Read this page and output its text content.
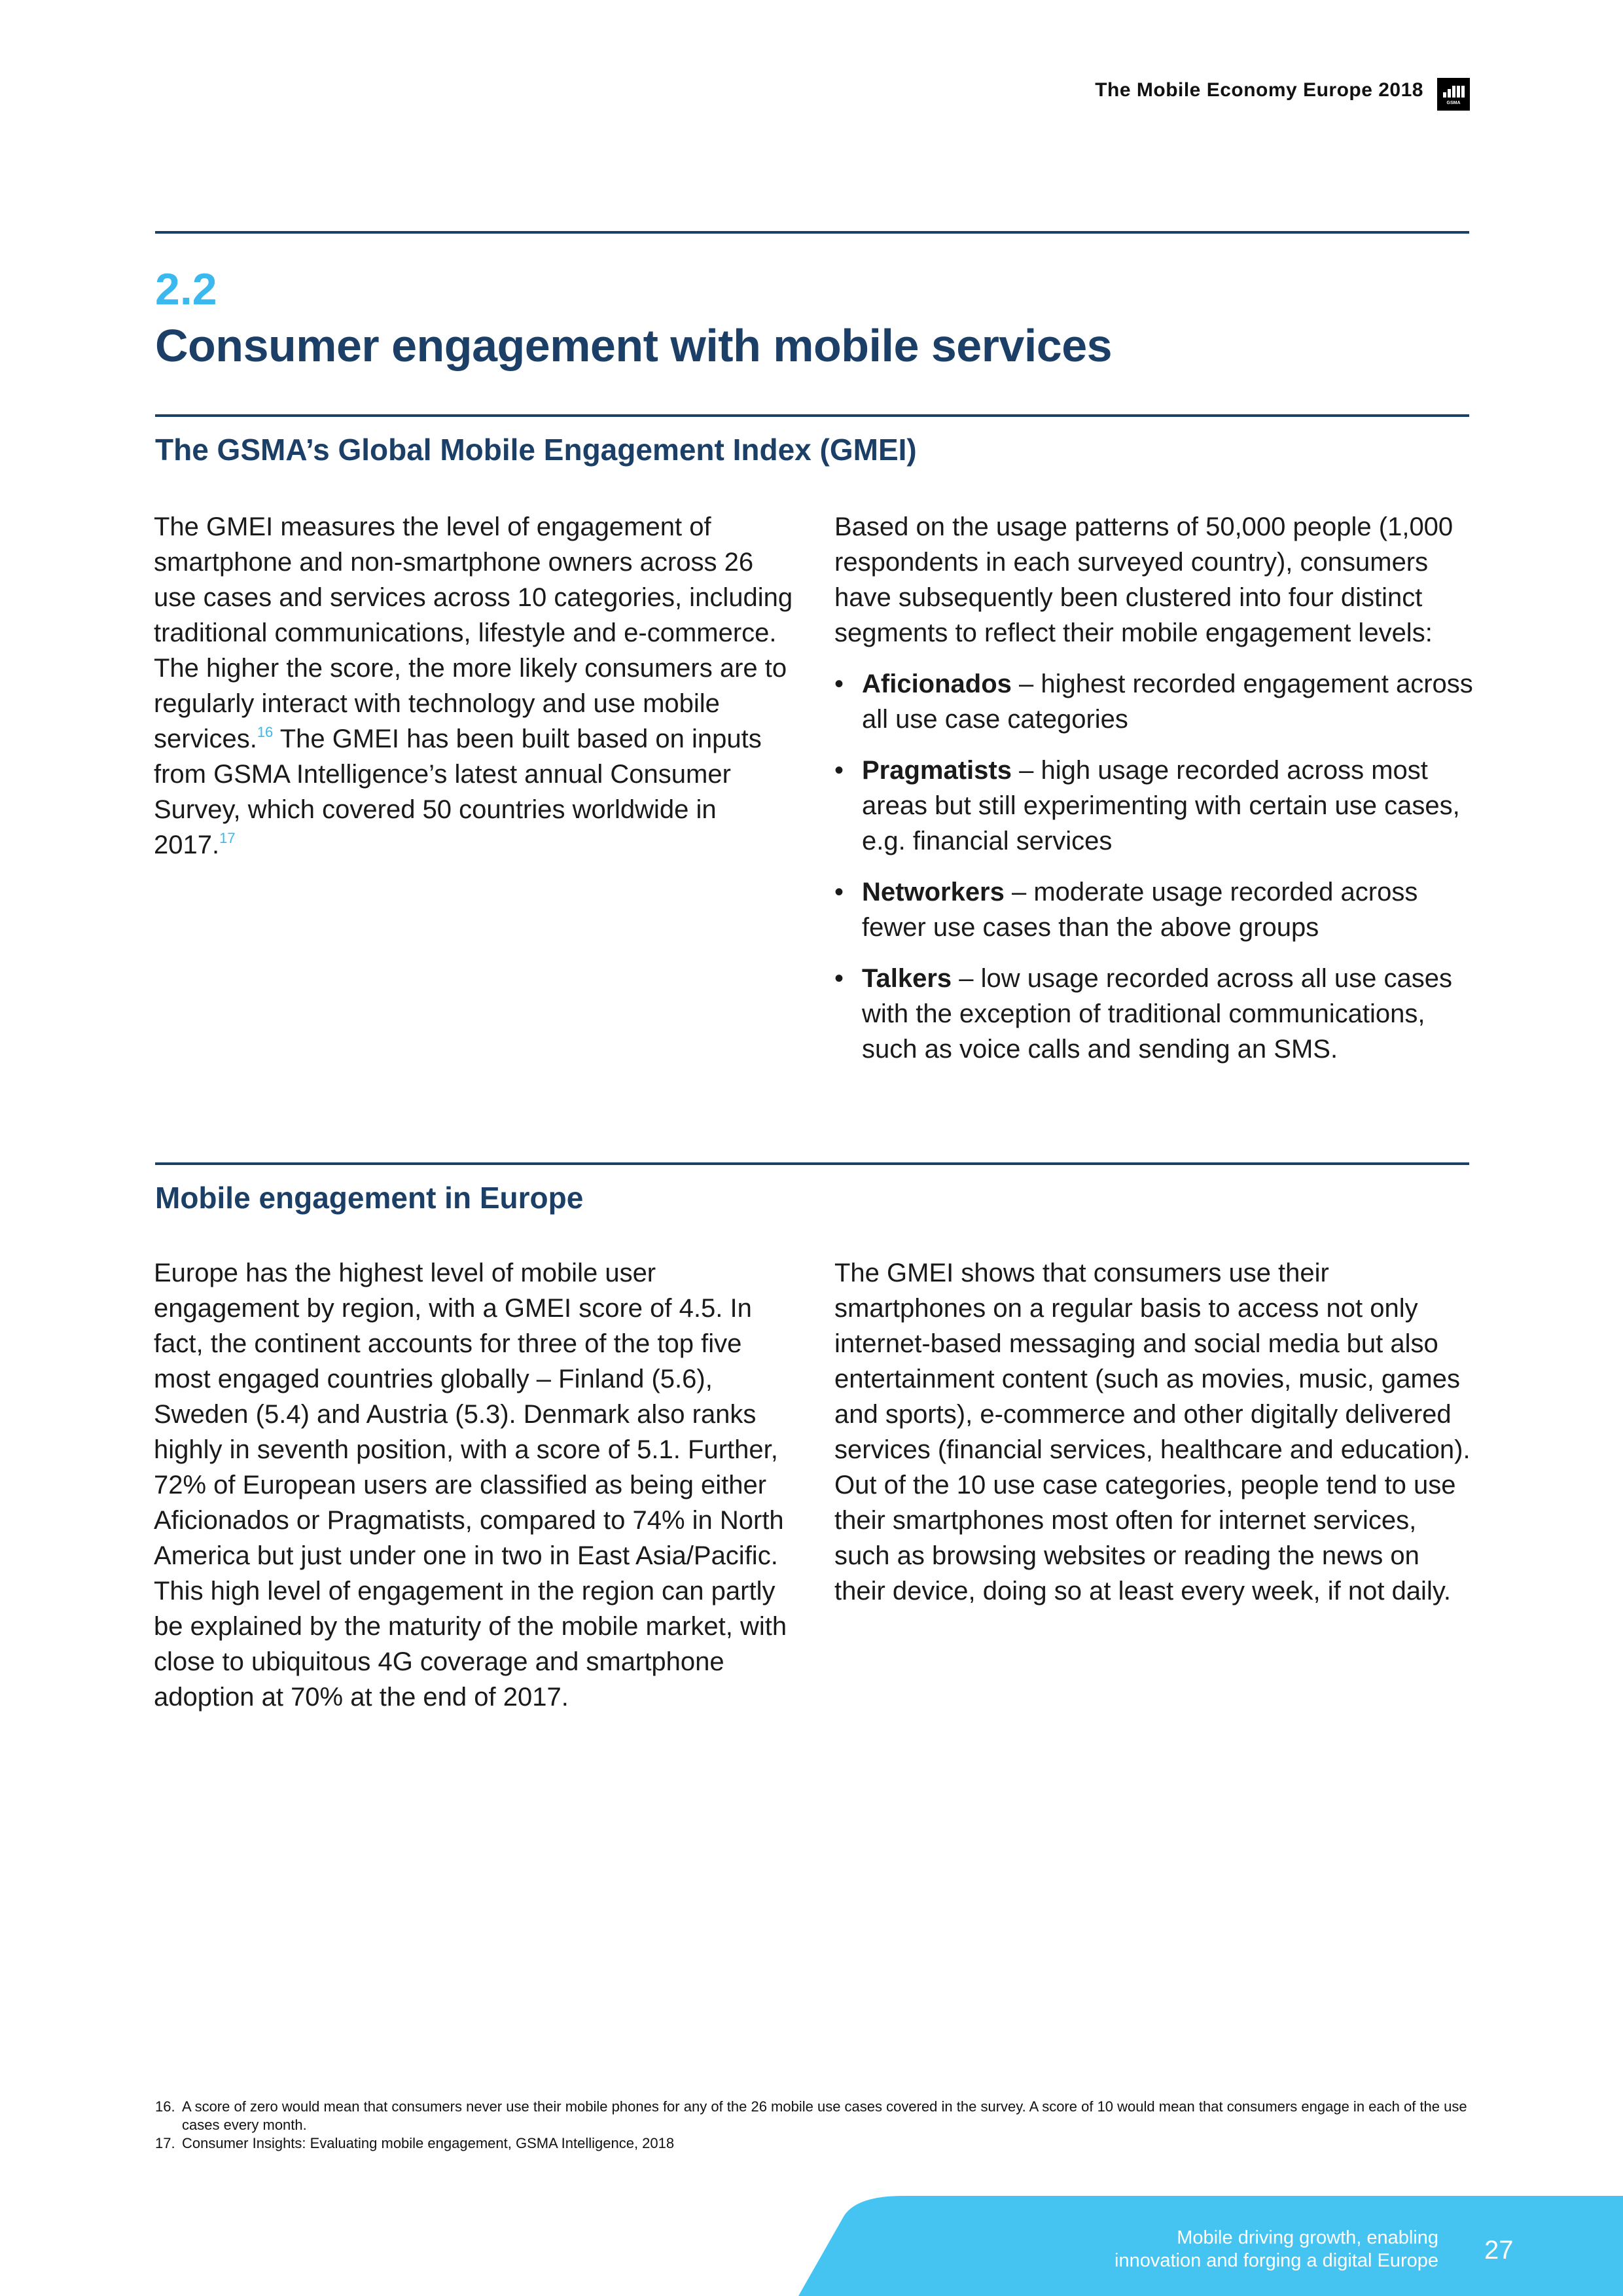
The Mobile Economy Europe 2018
GSMA
2.2
Consumer engagement with mobile services
The GSMA’s Global Mobile Engagement Index (GMEI)

The GMEI measures the level of engagement of smartphone and non-smartphone owners across 26 use cases and services across 10 categories, including traditional communications, lifestyle and e-commerce. The higher the score, the more likely consumers are to regularly interact with technology and use mobile services.$^{16}$ The GMEI has been built based on inputs from GSMA Intelligence’s latest annual Consumer Survey, which covered 50 countries worldwide in 2017.17

Based on the usage patterns of 50,000 people (1,000 respondents in each surveyed country), consumers have subsequently been clustered into four distinct segments to reflect their mobile engagement levels:

• Aficionados – highest recorded engagement across all use case categories
• Pragmatists – high usage recorded across most areas but still experimenting with certain use cases, e.g. financial services
• Networkers – moderate usage recorded across fewer use cases than the above groups
• Talkers – low usage recorded across all use cases with the exception of traditional communications, such as voice calls and sending an SMS.
Mobile engagement in Europe

Europe has the highest level of mobile user engagement by region, with a GMEI score of 4.5. In fact, the continent accounts for three of the top five most engaged countries globally – Finland (5.6), Sweden (5.4) and Austria (5.3). Denmark also ranks highly in seventh position, with a score of 5.1. Further, 72% of European users are classified as being either Aficionados or Pragmatists, compared to 74% in North America but just under one in two in East Asia/Pacific. This high level of engagement in the region can partly be explained by the maturity of the mobile market, with close to ubiquitous 4G coverage and smartphone adoption at 70% at the end of 2017.

The GMEI shows that consumers use their smartphones on a regular basis to access not only internet-based messaging and social media but also entertainment content (such as movies, music, games and sports), e-commerce and other digitally delivered services (financial services, healthcare and education). Out of the 10 use case categories, people tend to use their smartphones most often for internet services, such as browsing websites or reading the news on their device, doing so at least every week, if not daily.

16. A score of zero would mean that consumers never use their mobile phones for any of the 26 mobile use cases covered in the survey. A score of 10 would mean that consumers engage in each of the use cases every month.
17. Consumer Insights: Evaluating mobile engagement, GSMA Intelligence, 2018
Mobile driving growth, enabling
innovation and forging a digital Europe 27
